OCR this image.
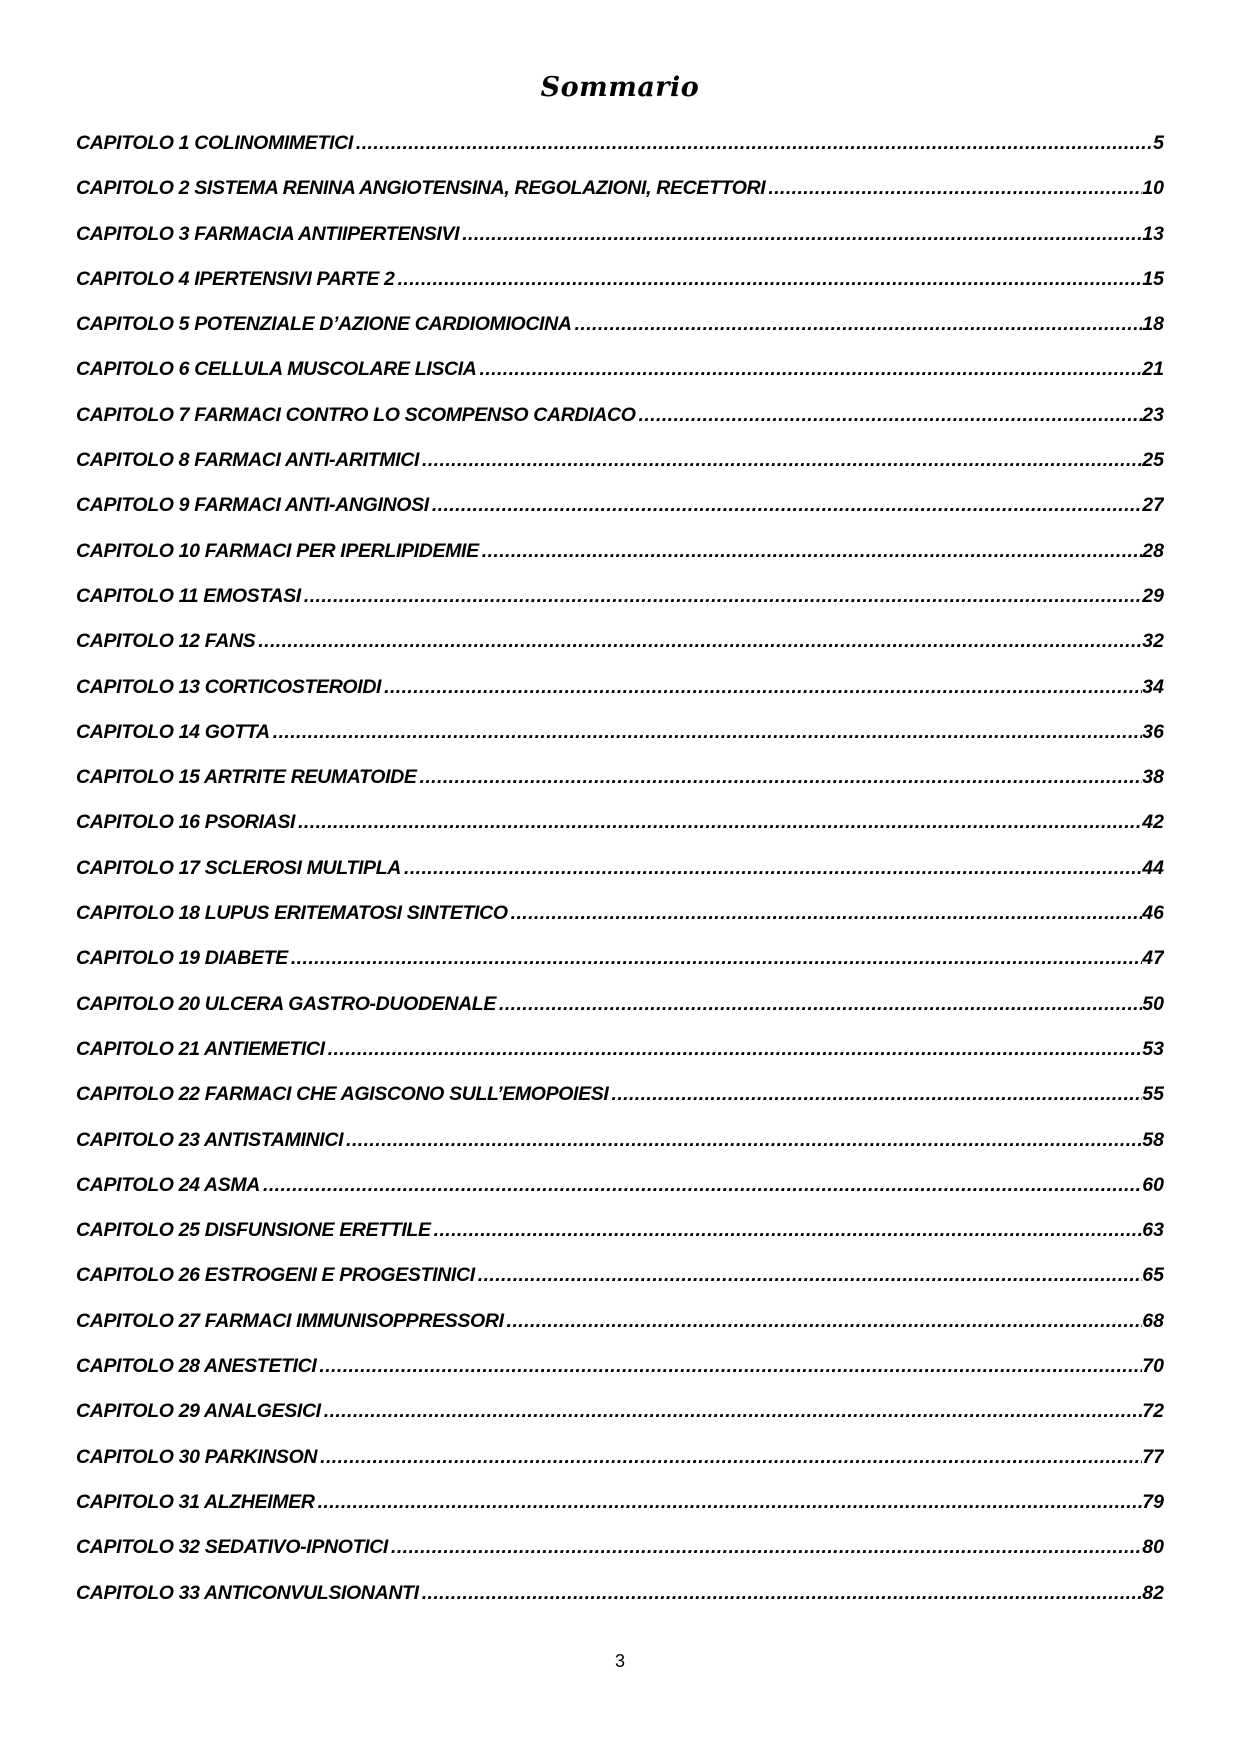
Sommario
CAPITOLO 1 COLINOMIMETICI .....	5
CAPITOLO 2 SISTEMA RENINA ANGIOTENSINA, REGOLAZIONI, RECETTORI .....	10
CAPITOLO 3 FARMACIA ANTIIPERTENSIVI .....	13
CAPITOLO 4 IPERTENSIVI PARTE 2 .....	15
CAPITOLO 5 POTENZIALE D’AZIONE CARDIOMIOCINA .....	18
CAPITOLO 6 CELLULA MUSCOLARE LISCIA .....	21
CAPITOLO 7 FARMACI CONTRO LO SCOMPENSO CARDIACO .....	23
CAPITOLO 8 FARMACI ANTI-ARITMICI .....	25
CAPITOLO 9 FARMACI ANTI-ANGINOSI .....	27
CAPITOLO 10 FARMACI PER IPERLIPIDEMIE .....	28
CAPITOLO 11 EMOSTASI .....	29
CAPITOLO 12 FANS .....	32
CAPITOLO 13 CORTICOSTEROIDI .....	34
CAPITOLO 14 GOTTA .....	36
CAPITOLO 15 ARTRITE REUMATOIDE .....	38
CAPITOLO 16 PSORIASI .....	42
CAPITOLO 17 SCLEROSI MULTIPLA .....	44
CAPITOLO 18 LUPUS ERITEMATOSI SINTETICO .....	46
CAPITOLO 19 DIABETE .....	47
CAPITOLO 20 ULCERA GASTRO-DUODENALE .....	50
CAPITOLO 21 ANTIEMETICI .....	53
CAPITOLO 22 FARMACI CHE AGISCONO SULL’EMOPOIESI .....	55
CAPITOLO 23 ANTISTAMINICI .....	58
CAPITOLO 24 ASMA .....	60
CAPITOLO 25 DISFUNSIONE ERETTILE .....	63
CAPITOLO 26 ESTROGENI E PROGESTINICI .....	65
CAPITOLO 27 FARMACI IMMUNISOPPRESSORI .....	68
CAPITOLO 28 ANESTETICI .....	70
CAPITOLO 29 ANALGESICI .....	72
CAPITOLO 30 PARKINSON .....	77
CAPITOLO 31 ALZHEIMER .....	79
CAPITOLO 32 SEDATIVO-IPNOTICI .....	80
CAPITOLO 33 ANTICONVULSIONANTI .....	82
3
